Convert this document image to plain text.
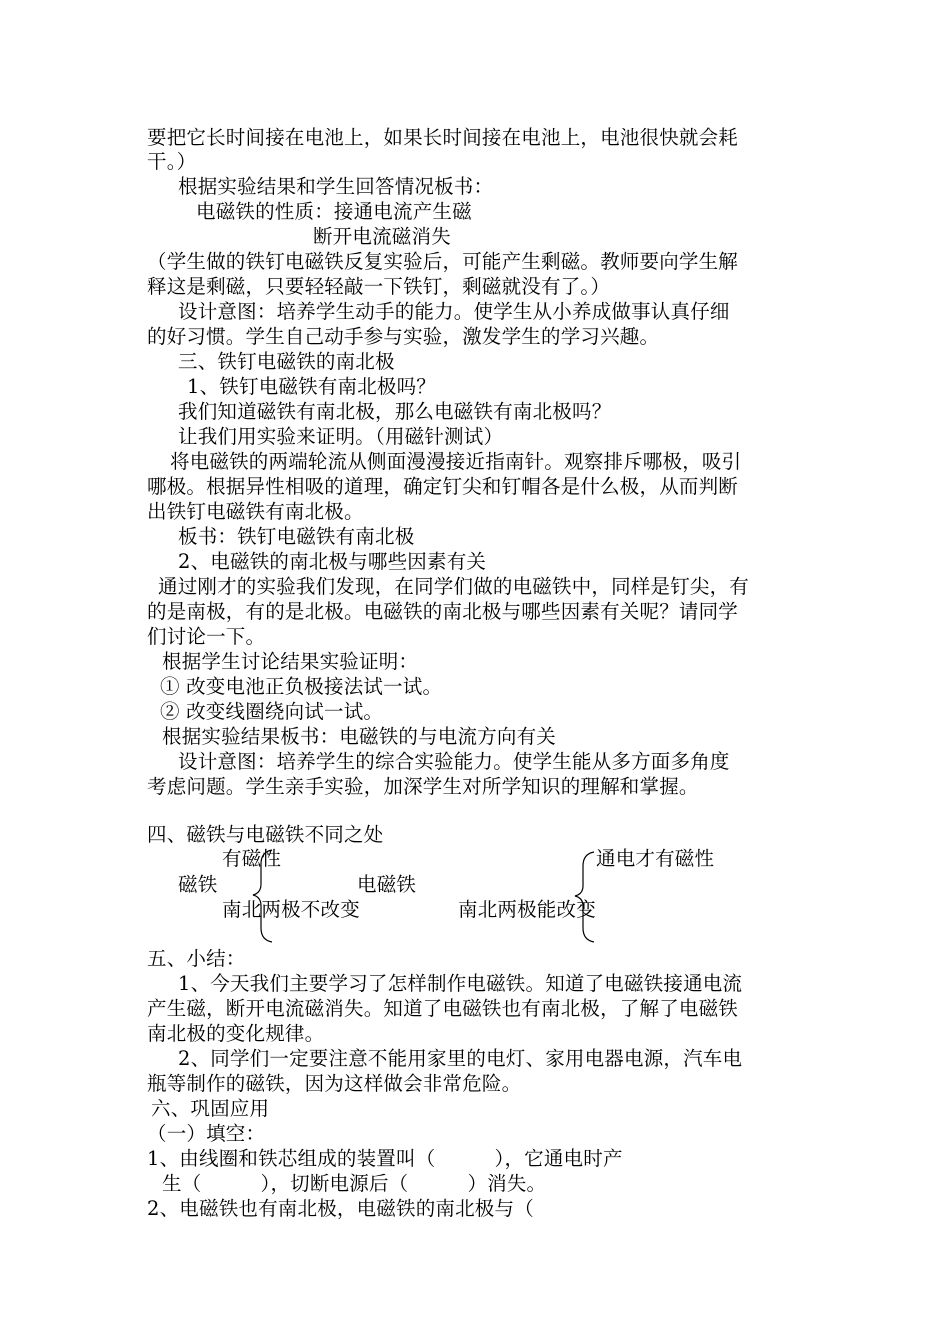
要把它长时间接在电池上，如果长时间接在电池上，电池很快就会耗
干。）
根据实验结果和学生回答情况板书：
电磁铁的性质：接通电流产生磁
断开电流磁消失
（学生做的铁钉电磁铁反复实验后，可能产生剩磁。教师要向学生解
释这是剩磁，只要轻轻敲一下铁钉，剩磁就没有了。）
设计意图：培养学生动手的能力。使学生从小养成做事认真仔细
的好习惯。学生自己动手参与实验，激发学生的学习兴趣。
三、铁钉电磁铁的南北极
1、铁钉电磁铁有南北极吗？
我们知道磁铁有南北极，那么电磁铁有南北极吗？
让我们用实验来证明。（用磁针测试）
将电磁铁的两端轮流从侧面漫漫接近指南针。观察排斥哪极，吸引
哪极。根据异性相吸的道理，确定钉尖和钉帽各是什么极，从而判断
出铁钉电磁铁有南北极。
板书：铁钉电磁铁有南北极
2、电磁铁的南北极与哪些因素有关
通过刚才的实验我们发现，在同学们做的电磁铁中，同样是钉尖，有
的是南极，有的是北极。电磁铁的南北极与哪些因素有关呢？请同学
们讨论一下。
根据学生讨论结果实验证明：
① 改变电池正负极接法试一试。
② 改变线圈绕向试一试。
根据实验结果板书：电磁铁的与电流方向有关
设计意图：培养学生的综合实验能力。使学生能从多方面多角度
考虑问题。学生亲手实验，加深学生对所学知识的理解和掌握。
四、磁铁与电磁铁不同之处
有磁性
磁铁
南北两极不改变
电磁铁
通电才有磁性
南北两极能改变
五、小结：
1、今天我们主要学习了怎样制作电磁铁。知道了电磁铁接通电流
产生磁，断开电流磁消失。知道了电磁铁也有南北极，了解了电磁铁
南北极的变化规律。
2、同学们一定要注意不能用家里的电灯、家用电器电源，汽车电
瓶等制作的磁铁，因为这样做会非常危险。
六、巩固应用
（一）填空：
1、由线圈和铁芯组成的装置叫（　　　），它通电时产
生（　　　），切断电源后（　　　）消失。
2、电磁铁也有南北极，电磁铁的南北极与（
